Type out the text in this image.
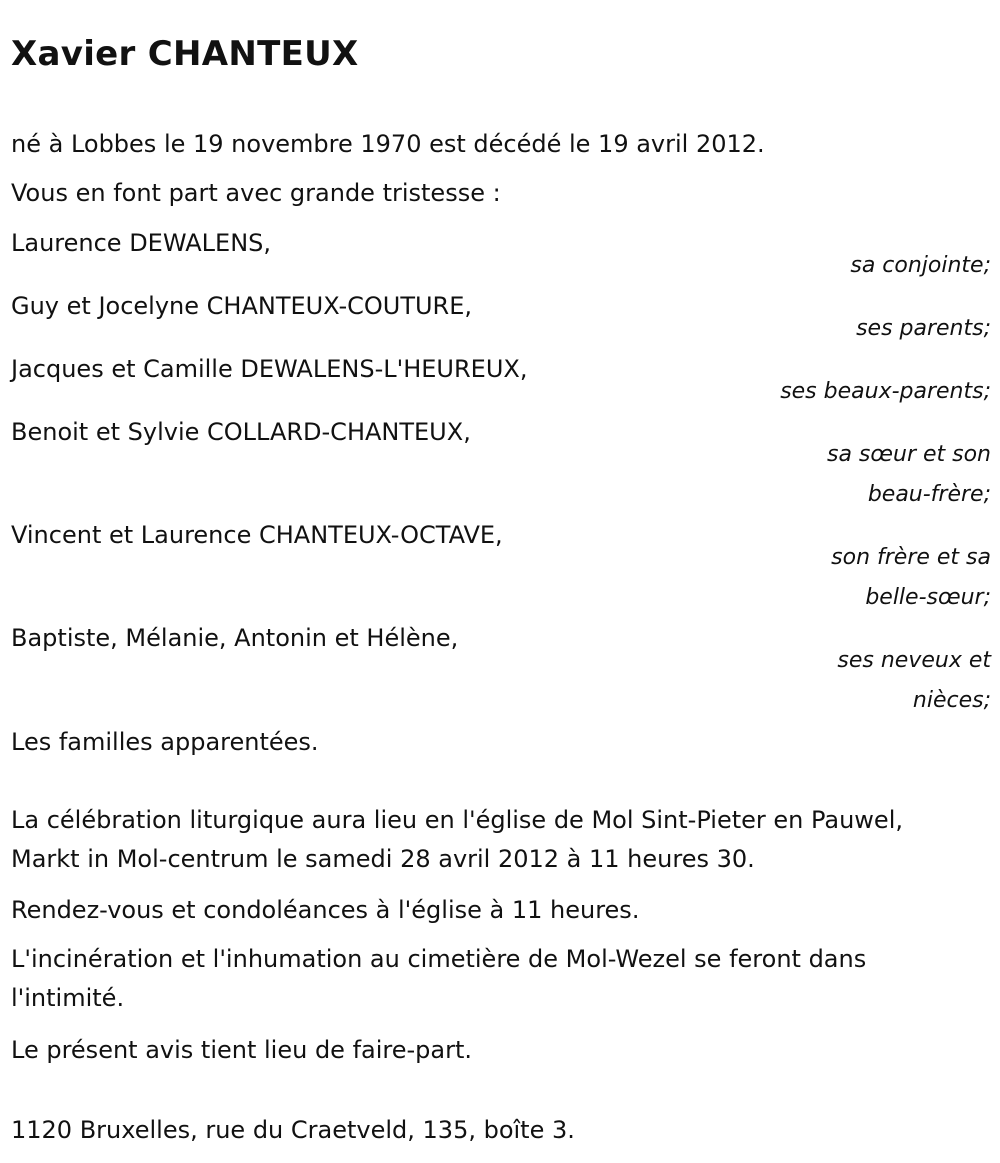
Xavier CHANTEUX
né à Lobbes le 19 novembre 1970 est décédé le 19 avril 2012.
Vous en font part avec grande tristesse :
Laurence DEWALENS,
sa conjointe;
Guy et Jocelyne CHANTEUX-COUTURE,
ses parents;
Jacques et Camille DEWALENS-L'HEUREUX,
ses beaux-parents;
Benoit et Sylvie COLLARD-CHANTEUX,
sa sœur et son beau-frère;
Vincent et Laurence CHANTEUX-OCTAVE,
son frère et sa belle-sœur;
Baptiste, Mélanie, Antonin et Hélène,
ses neveux et nièces;
Les familles apparentées.
La célébration liturgique aura lieu en l'église de Mol Sint-Pieter en Pauwel, Markt in Mol-centrum le samedi 28 avril 2012 à 11 heures 30.
Rendez-vous et condoléances à l'église à 11 heures.
L'incinération et l'inhumation au cimetière de Mol-Wezel se feront dans l'intimité.
Le présent avis tient lieu de faire-part.
1120 Bruxelles, rue du Craetveld, 135, boîte 3.
